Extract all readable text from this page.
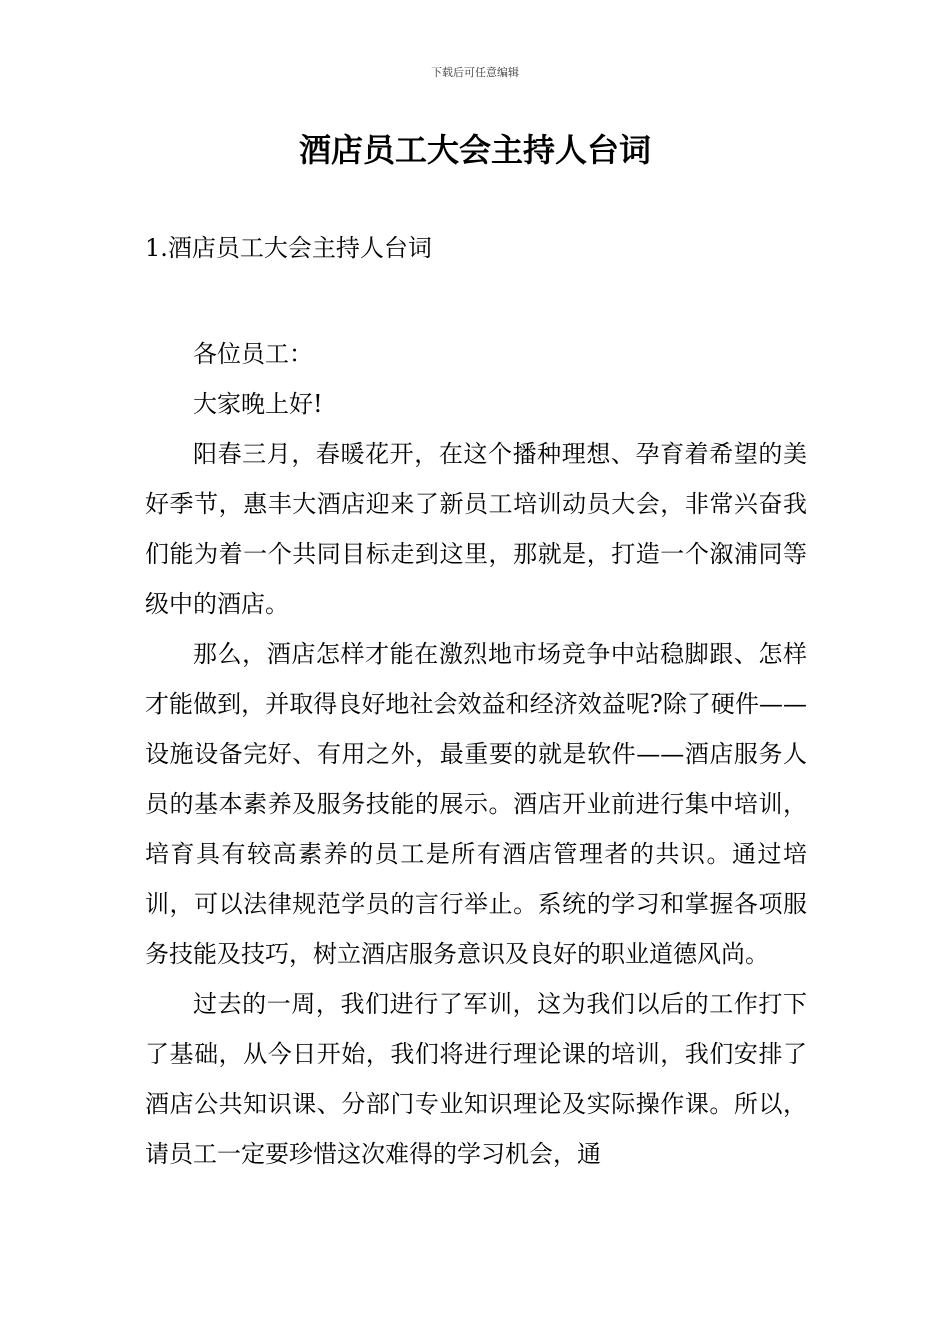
下载后可任意编辑
酒店员工大会主持人台词
1.酒店员工大会主持人台词

各位员工：

大家晚上好!

阳春三月，春暖花开，在这个播种理想、孕育着希望的美好季节，惠丰大酒店迎来了新员工培训动员大会，非常兴奋我们能为着一个共同目标走到这里，那就是，打造一个溆浦同等级中的酒店。

那么，酒店怎样才能在激烈地市场竞争中站稳脚跟、怎样才能做到，并取得良好地社会效益和经济效益呢?除了硬件——设施设备完好、有用之外，最重要的就是软件——酒店服务人员的基本素养及服务技能的展示。酒店开业前进行集中培训，培育具有较高素养的员工是所有酒店管理者的共识。通过培训，可以法律规范学员的言行举止。系统的学习和掌握各项服务技能及技巧，树立酒店服务意识及良好的职业道德风尚。

过去的一周，我们进行了军训，这为我们以后的工作打下了基础，从今日开始，我们将进行理论课的培训，我们安排了酒店公共知识课、分部门专业知识理论及实际操作课。所以，请员工一定要珍惜这次难得的学习机会，通
